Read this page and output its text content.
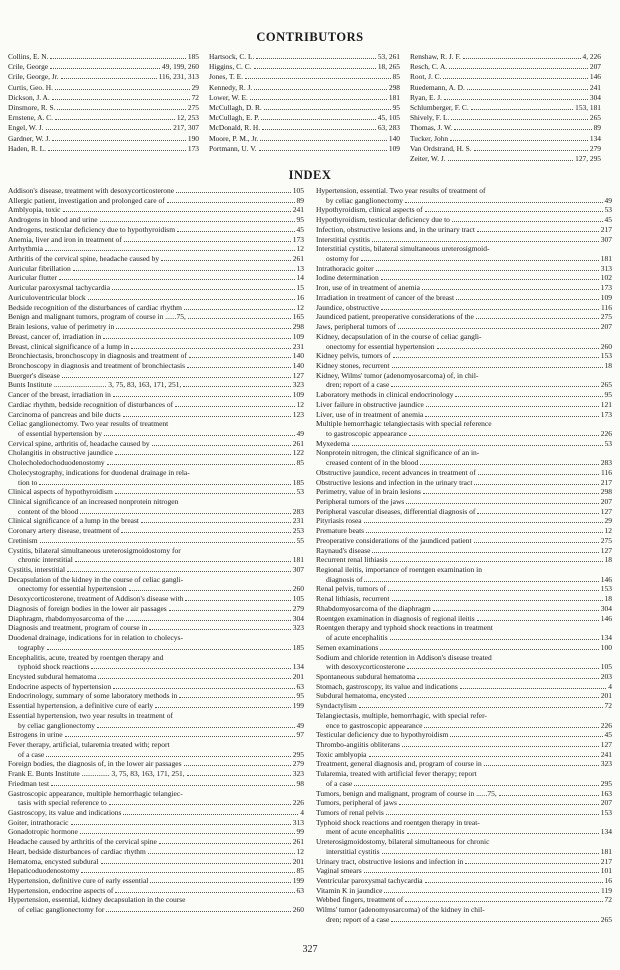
CONTRIBUTORS
Collins, E. N.	185
Crile, George	49, 199, 260
Crile, George, Jr.	116, 231, 313
Curtis, Geo. H.	29
Dickson, J. A.	72
Dinsmore, R. S.	275
Ernstene, A. C.	12, 253
Engel, W. J.	217, 307
Gardner, W. J.	190
Haden, R. L.	173
Hartsock, C. L.	53, 261
Higgins, C. C.	18, 265
Jones, T. E.	85
Kennedy, R. J.	298
Lower, W. E.	181
McCullagh, D. R.	95
McCullagh, E. P.	45, 105
McDonald, R. H.	63, 283
Moore, P. M., Jr.	140
Portmann, U. V.	109
Renshaw, R. J. F.	4, 226
Resch, C. A.	207
Root, J. C.	146
Ruedemann, A. D.	241
Ryan, E. J.	304
Schlumberger, F. C.	153, 181
Shively, F. L.	265
Thomas, J. W.	89
Tucker, John	134
Van Ordstrand, H. S.	279
Zeiter, W. J.	127, 295
INDEX
Addison's disease, treatment with desoxycorticosterone	105
Allergic patient, investigation and prolonged care of	89
Amblyopia, toxic	241
Androgens in blood and urine	95
Androgens, testicular deficiency due to hypothyroidism	45
Anemia, liver and iron in treatment of	173
Arrhythmia	12
Arthritis of the cervical spine, headache caused by	261
Auricular fibrillation	13
Auricular flutter	14
Auricular paroxysmal tachycardia	15
Auriculoventricular block	16
Bedside recognition of the disturbances of cardiac rhythm	12
Benign and malignant tumors, program of course in ......75,	165
Brain lesions, value of perimetry in	298
Breast, cancer of, irradiation in	109
Breast, clinical significance of a lump in	231
Bronchiectasis, bronchoscopy in diagnosis and treatment of	140
Bronchoscopy in diagnosis and treatment of bronchiectasis	140
Buerger's disease	127
Bunts Institute ............................ 3, 75, 83, 163, 171, 251,	323
Cancer of the breast, irradiation in	109
Cardiac rhythm, bedside recognition of disturbances of	12
Carcinoma of pancreas and bile ducts	123
Celiac ganglionectomy. Two year results of treatment
of essential hypertension by	49
Cervical spine, arthritis of, headache caused by	261
Cholangitis in obstructive jaundice	122
Cholecholedochoduodenostomy	85
Cholecystography, indications for duodenal drainage in rela-
tion to	185
Clinical aspects of hypothyroidism	53
Clinical significance of an increased nonprotein nitrogen
content of the blood	283
Clinical significance of a lump in the breast	231
Coronary artery disease, treatment of	253
Cretinism	55
Cystitis, bilateral simultaneous ureterosigmoidostomy for
chronic interstitial	181
Cystitis, interstitial	307
Decapsulation of the kidney in the course of celiac gangli-
onectomy for essential hypertension	260
Desoxycorticosterone, treatment of Addison's disease with	105
Diagnosis of foreign bodies in the lower air passages	279
Diaphragm, rhabdomyosarcoma of the	304
Diagnosis and treatment, program of course in	323
Duodenal drainage, indications for in relation to cholecys-
tography	185
Encephalitis, acute, treated by roentgen therapy and
typhoid shock reactions	134
Encysted subdural hematoma	201
Endocrine aspects of hypertension	63
Endocrinology, summary of some laboratory methods in	95
Essential hypertension, a definitive cure of early	199
Essential hypertension, two year results in treatment of
by celiac ganglionectomy	49
Estrogens in urine	97
Fever therapy, artificial, tularemia treated with; report
of a case	295
Foreign bodies, the diagnosis of, in the lower air passages	279
Frank E. Bunts Institute ............... 3, 75, 83, 163, 171, 251,	323
Friedman test	98
Gastroscopic appearance, multiple hemorrhagic telangiec-
tasis with special reference to	226
Gastroscopy, its value and indications	4
Goiter, intrathoracic	313
Gonadotropic hormone	99
Headache caused by arthritis of the cervical spine	261
Heart, bedside disturbances of cardiac rhythm	12
Hematoma, encysted subdural	201
Hepaticoduodenostomy	85
Hypertension, definitive cure of early essential	199
Hypertension, endocrine aspects of	63
Hypertension, essential, kidney decapsulation in the course
of celiac ganglionectomy for	260
Hypertension, essential. Two year results of treatment of
by celiac ganglionectomy	49
Hypothyroidism, clinical aspects of	53
Hypothyroidism, testicular deficiency due to	45
Infection, obstructive lesions and, in the urinary tract	217
Interstitial cystitis	307
Interstitial cystitis, bilateral simultaneous ureterosigmoid-
ostomy for	181
Intrathoracic goiter	313
Iodine determination	102
Iron, use of in treatment of anemia	173
Irradiation in treatment of cancer of the breast	109
Jaundice, obstructive	116
Jaundiced patient, preoperative considerations of the	275
Jaws, peripheral tumors of	207
Kidney, decapsulation of in the course of celiac gangli-
onectomy for essential hypertension	260
Kidney pelvis, tumors of	153
Kidney stones, recurrent	18
Kidney, Wilms' tumor (adenomyosarcoma) of, in chil-
dren; report of a case	265
Laboratory methods in clinical endocrinology	95
Liver failure in obstructive jaundice	121
Liver, use of in treatment of anemia	173
Multiple hemorrhagic telangiectasis with special reference
to gastroscopic appearance	226
Myxedema	53
Nonprotein nitrogen, the clinical significance of an in-
creased content of in the blood	283
Obstructive jaundice, recent advances in treatment of	116
Obstructive lesions and infection in the urinary tract	217
Perimetry, value of in brain lesions	298
Peripheral tumors of the jaws	207
Peripheral vascular diseases, differential diagnosis of	127
Pityriasis rosea	29
Premature beats	12
Preoperative considerations of the jaundiced patient	275
Raynaud's disease	127
Recurrent renal lithiasis	18
Regional ileitis, importance of roentgen examination in
diagnosis of	146
Renal pelvis, tumors of	153
Renal lithiasis, recurrent	18
Rhabdomyosarcoma of the diaphragm	304
Roentgen examination in diagnosis of regional ileitis	146
Roentgen therapy and typhoid shock reactions in treatment
of acute encephalitis	134
Semen examinations	100
Sodium and chloride retention in Addison's disease treated
with desoxycorticosterone	105
Spontaneous subdural hematoma	203
Stomach, gastroscopy, its value and indications	4
Subdural hematoma, encysted	201
Syndactylism	72
Telangiectasis, multiple, hemorrhagic, with special refer-
ence to gastroscopic appearance	226
Testicular deficiency due to hypothyroidism	45
Thrombo-angiitis obliterans	127
Toxic amblyopia	241
Treatment, general diagnosis and, program of course in	323
Tularemia, treated with artificial fever therapy; report
of a case	295
Tumors, benign and malignant, program of course in ......75,	163
Tumors, peripheral of jaws	207
Tumors of renal pelvis	153
Typhoid shock reactions and roentgen therapy in treat-
ment of acute encephalitis	134
Ureterosigmoidostomy, bilateral simultaneous for chronic
interstitial cystitis	181
Urinary tract, obstructive lesions and infection in	217
Vaginal smears	101
Ventricular paroxysmal tachycardia	16
Vitamin K in jaundice	119
Webbed fingers, treatment of	72
Wilms' tumor (adenomyosarcoma) of the kidney in chil-
dren; report of a case	265
327
